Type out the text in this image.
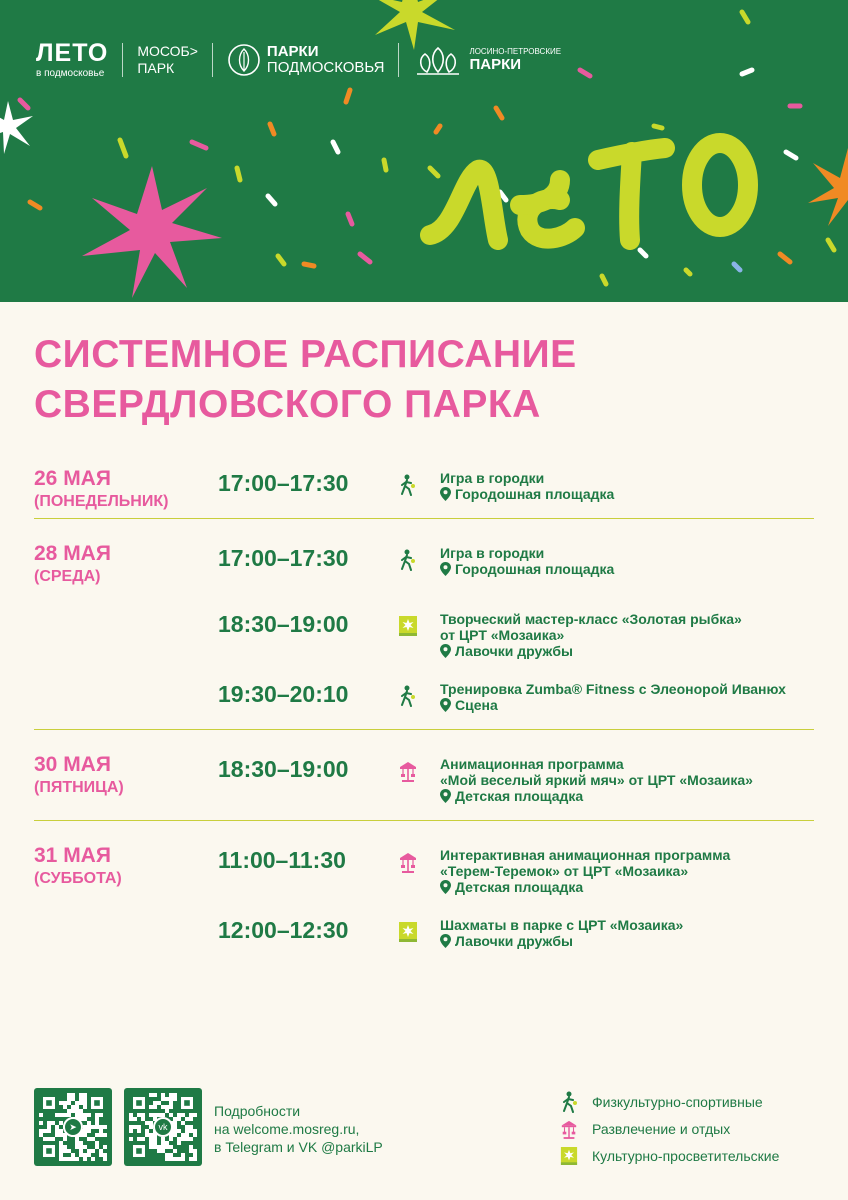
ЛЕТО
в подмосковье
МОСОБ>
ПАРК
ПАРКИ
ПОДМОСКОВЬЯ
ЛОСИНО-ПЕТРОВСКИЕ
ПАРКИ
СИСТЕМНОЕ РАСПИСАНИЕ
СВЕРДЛОВСКОГО ПАРКА
26 МАЯ
(ПОНЕДЕЛЬНИК)
17:00–17:30	Игра в городки
Городошная площадка
28 МАЯ
(СРЕДА)
17:00–17:30	Игра в городки
Городошная площадка
18:30–19:00	Творческий мастер-класс «Золотая рыбка»
от ЦРТ «Мозаика»
Лавочки дружбы
19:30–20:10	Тренировка Zumba® Fitness с Элеонорой Иванюх
Сцена
30 МАЯ
(ПЯТНИЦА)
18:30–19:00	Анимационная программа
«Мой веселый яркий мяч» от ЦРТ «Мозаика»
Детская площадка
31 МАЯ
(СУББОТА)
11:00–11:30	Интерактивная анимационная программа
«Терем-Теремок» от ЦРТ «Мозаика»
Детская площадка
12:00–12:30	Шахматы в парке с ЦРТ «Мозаика»
Лавочки дружбы
➤	vk
Подробности
на welcome.mosreg.ru,
в Telegram и VK @parkiLP
Физкультурно-спортивные
Развлечение и отдых
Культурно-просветительские
